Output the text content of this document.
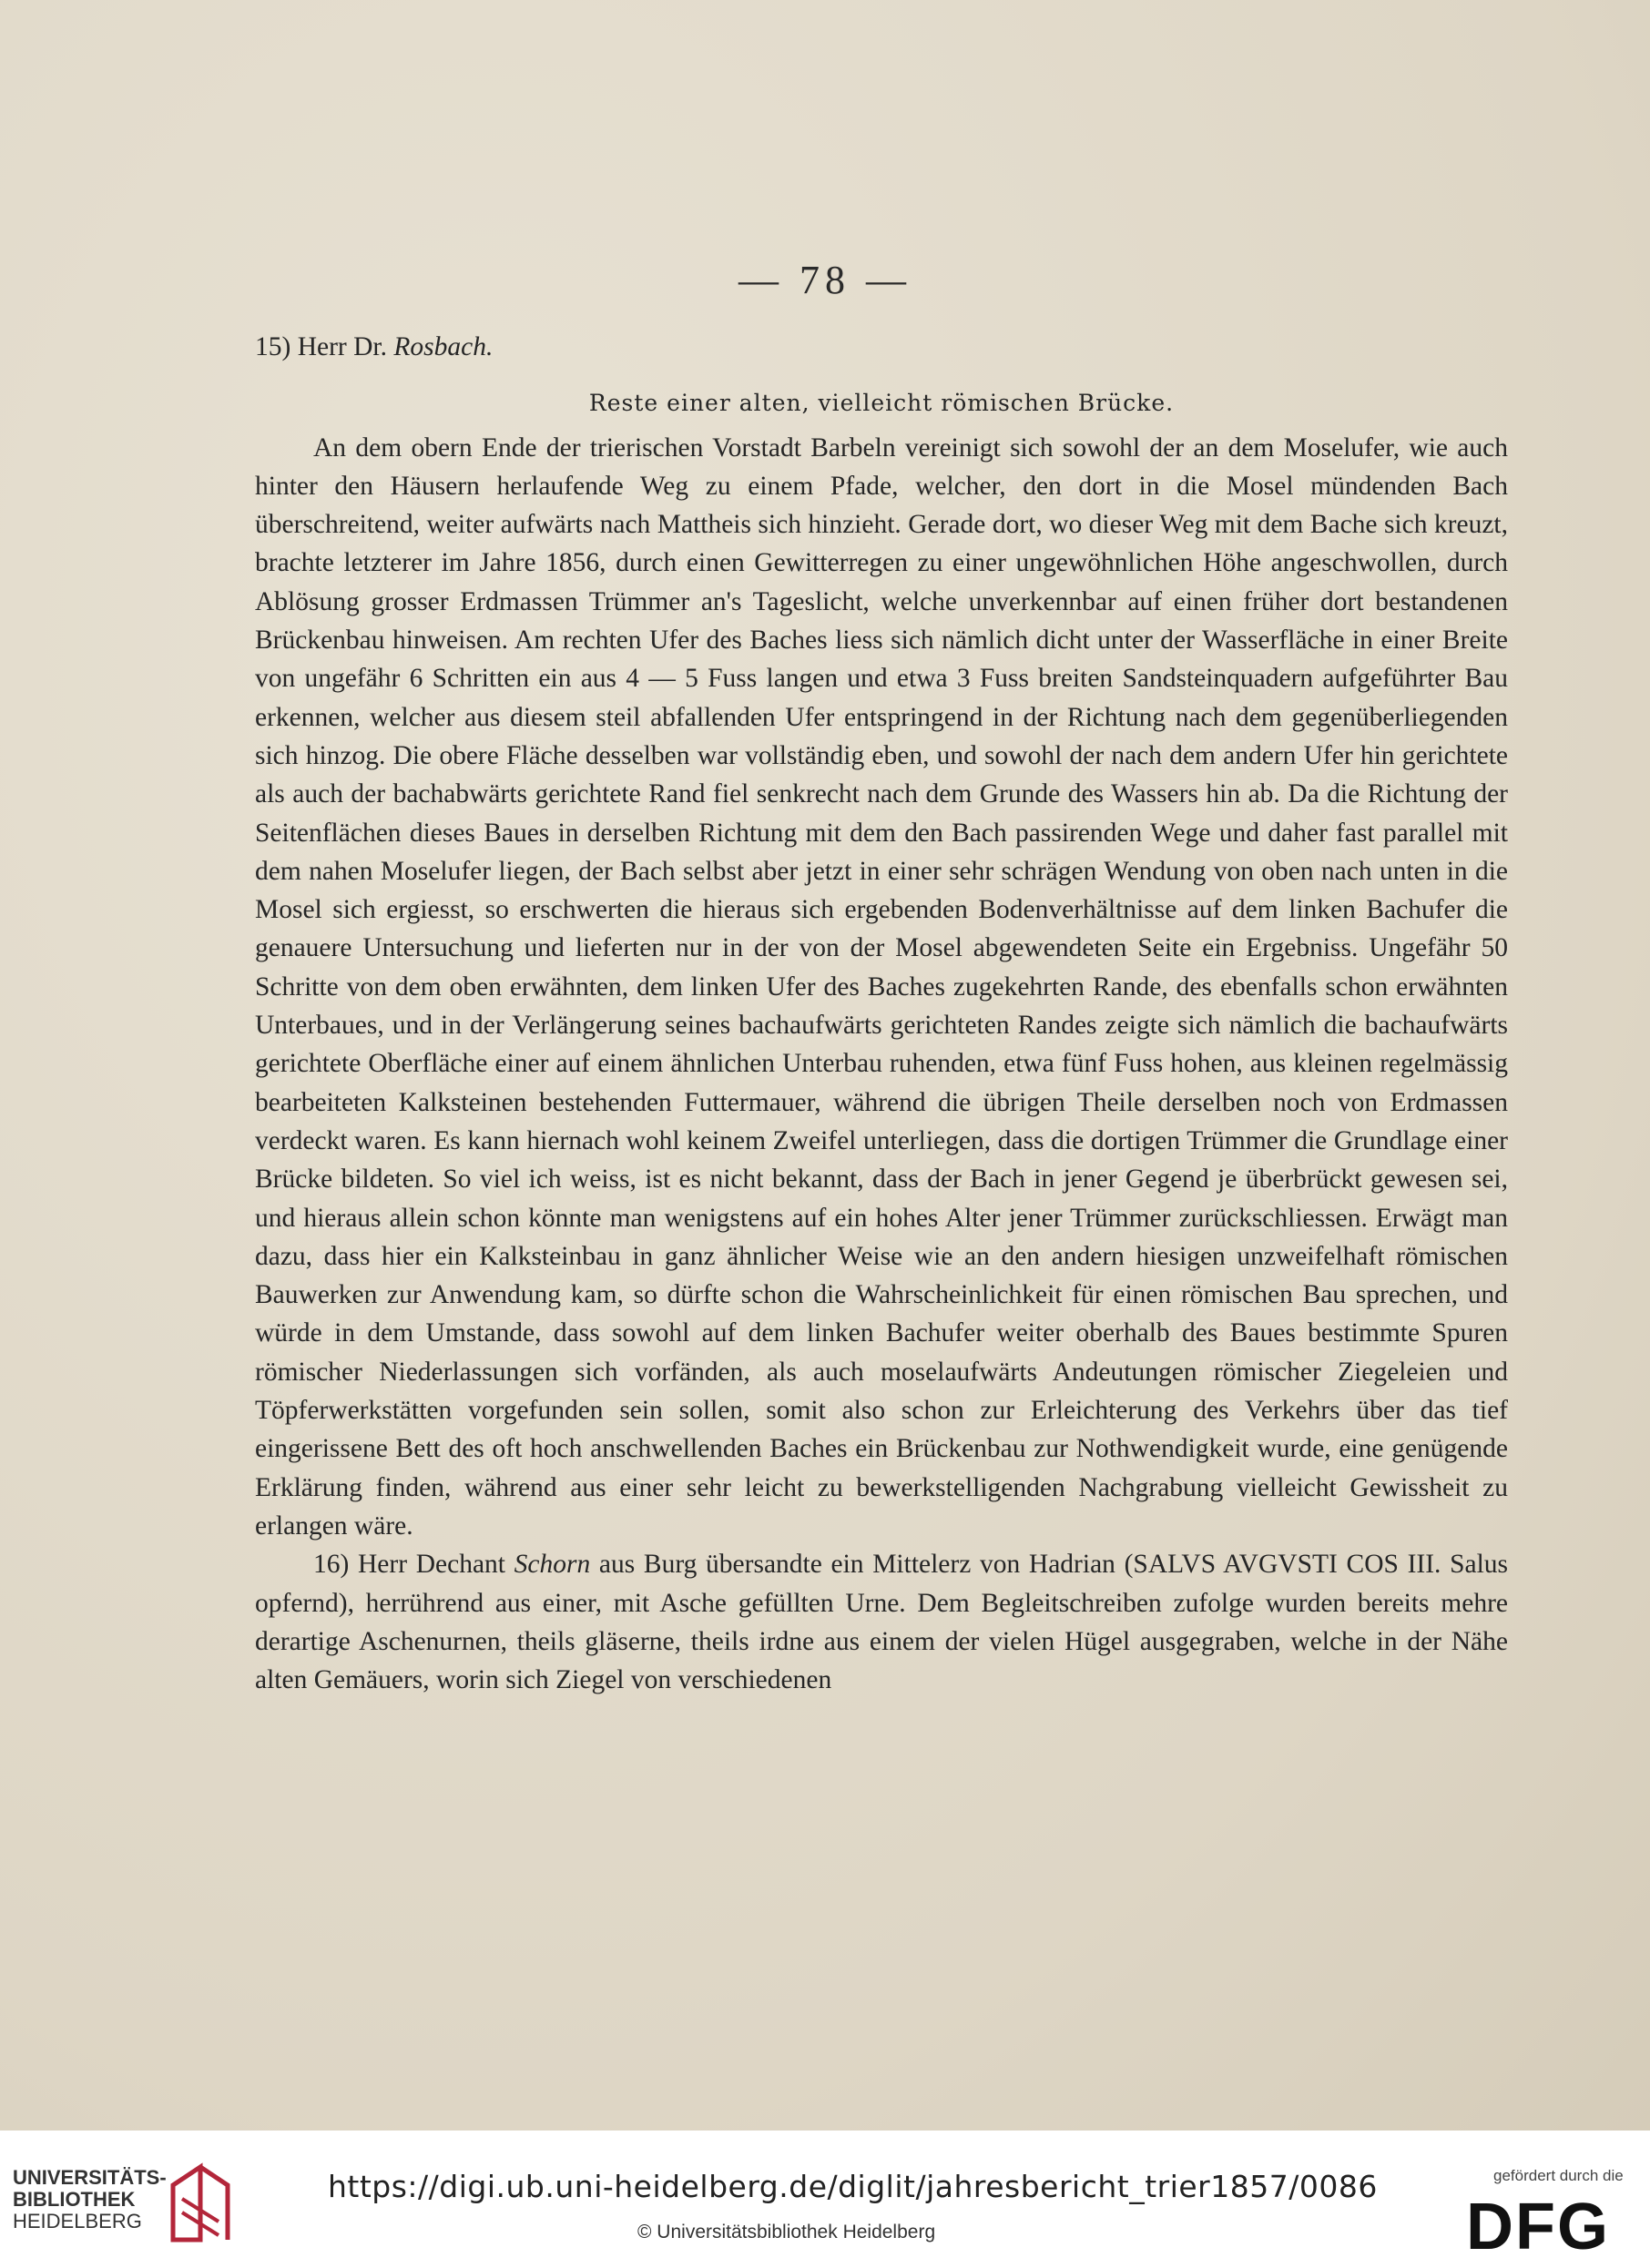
— 78 —

15) Herr Dr. Rosbach.

Reste einer alten, vielleicht römischen Brücke.

An dem obern Ende der trierischen Vorstadt Barbeln vereinigt sich sowohl der an dem Moselufer, wie auch hinter den Häusern herlaufende Weg zu einem Pfade, welcher, den dort in die Mosel mündenden Bach überschreitend, weiter aufwärts nach Mattheis sich hinzieht. Gerade dort, wo dieser Weg mit dem Bache sich kreuzt, brachte letzterer im Jahre 1856, durch einen Gewitterregen zu einer ungewöhnlichen Höhe angeschwollen, durch Ablösung grosser Erdmassen Trümmer an's Tageslicht, welche unverkennbar auf einen früher dort bestandenen Brückenbau hinweisen. Am rechten Ufer des Baches liess sich nämlich dicht unter der Wasserfläche in einer Breite von ungefähr 6 Schritten ein aus 4 — 5 Fuss langen und etwa 3 Fuss breiten Sandsteinquadern aufgeführter Bau erkennen, welcher aus diesem steil abfallenden Ufer entspringend in der Richtung nach dem gegenüberliegenden sich hinzog. Die obere Fläche desselben war vollständig eben, und sowohl der nach dem andern Ufer hin gerichtete als auch der bachabwärts gerichtete Rand fiel senkrecht nach dem Grunde des Wassers hin ab. Da die Richtung der Seitenflächen dieses Baues in derselben Richtung mit dem den Bach passirenden Wege und daher fast parallel mit dem nahen Moselufer liegen, der Bach selbst aber jetzt in einer sehr schrägen Wendung von oben nach unten in die Mosel sich ergiesst, so erschwerten die hieraus sich ergebenden Bodenverhältnisse auf dem linken Bachufer die genauere Untersuchung und lieferten nur in der von der Mosel abgewendeten Seite ein Ergebniss. Ungefähr 50 Schritte von dem oben erwähnten, dem linken Ufer des Baches zugekehrten Rande, des ebenfalls schon erwähnten Unterbaues, und in der Verlängerung seines bachaufwärts gerichteten Randes zeigte sich nämlich die bachaufwärts gerichtete Oberfläche einer auf einem ähnlichen Unterbau ruhenden, etwa fünf Fuss hohen, aus kleinen regelmässig bearbeiteten Kalksteinen bestehenden Futtermauer, während die übrigen Theile derselben noch von Erdmassen verdeckt waren. Es kann hiernach wohl keinem Zweifel unterliegen, dass die dortigen Trümmer die Grundlage einer Brücke bildeten. So viel ich weiss, ist es nicht bekannt, dass der Bach in jener Gegend je überbrückt gewesen sei, und hieraus allein schon könnte man wenigstens auf ein hohes Alter jener Trümmer zurückschliessen. Erwägt man dazu, dass hier ein Kalksteinbau in ganz ähnlicher Weise wie an den andern hiesigen unzweifelhaft römischen Bauwerken zur Anwendung kam, so dürfte schon die Wahrscheinlichkeit für einen römischen Bau sprechen, und würde in dem Umstande, dass sowohl auf dem linken Bachufer weiter oberhalb des Baues bestimmte Spuren römischer Niederlassungen sich vorfänden, als auch moselaufwärts Andeutungen römischer Ziegeleien und Töpferwerkstätten vorgefunden sein sollen, somit also schon zur Erleichterung des Verkehrs über das tief eingerissene Bett des oft hoch anschwellenden Baches ein Brückenbau zur Nothwendigkeit wurde, eine genügende Erklärung finden, während aus einer sehr leicht zu bewerkstelligenden Nachgrabung vielleicht Gewissheit zu erlangen wäre.

16) Herr Dechant Schorn aus Burg übersandte ein Mittelerz von Hadrian (SALVS AVGVSTI COS III. Salus opfernd), herrührend aus einer, mit Asche gefüllten Urne. Dem Begleitschreiben zufolge wurden bereits mehre derartige Aschenurnen, theils gläserne, theils irdne aus einem der vielen Hügel ausgegraben, welche in der Nähe alten Gemäuers, worin sich Ziegel von verschiedenen

UNIVERSITÄTS-
BIBLIOTHEK
HEIDELBERG
https://digi.ub.uni-heidelberg.de/diglit/jahresbericht_trier1857/0086
© Universitätsbibliothek Heidelberg
gefördert durch die
DFG
